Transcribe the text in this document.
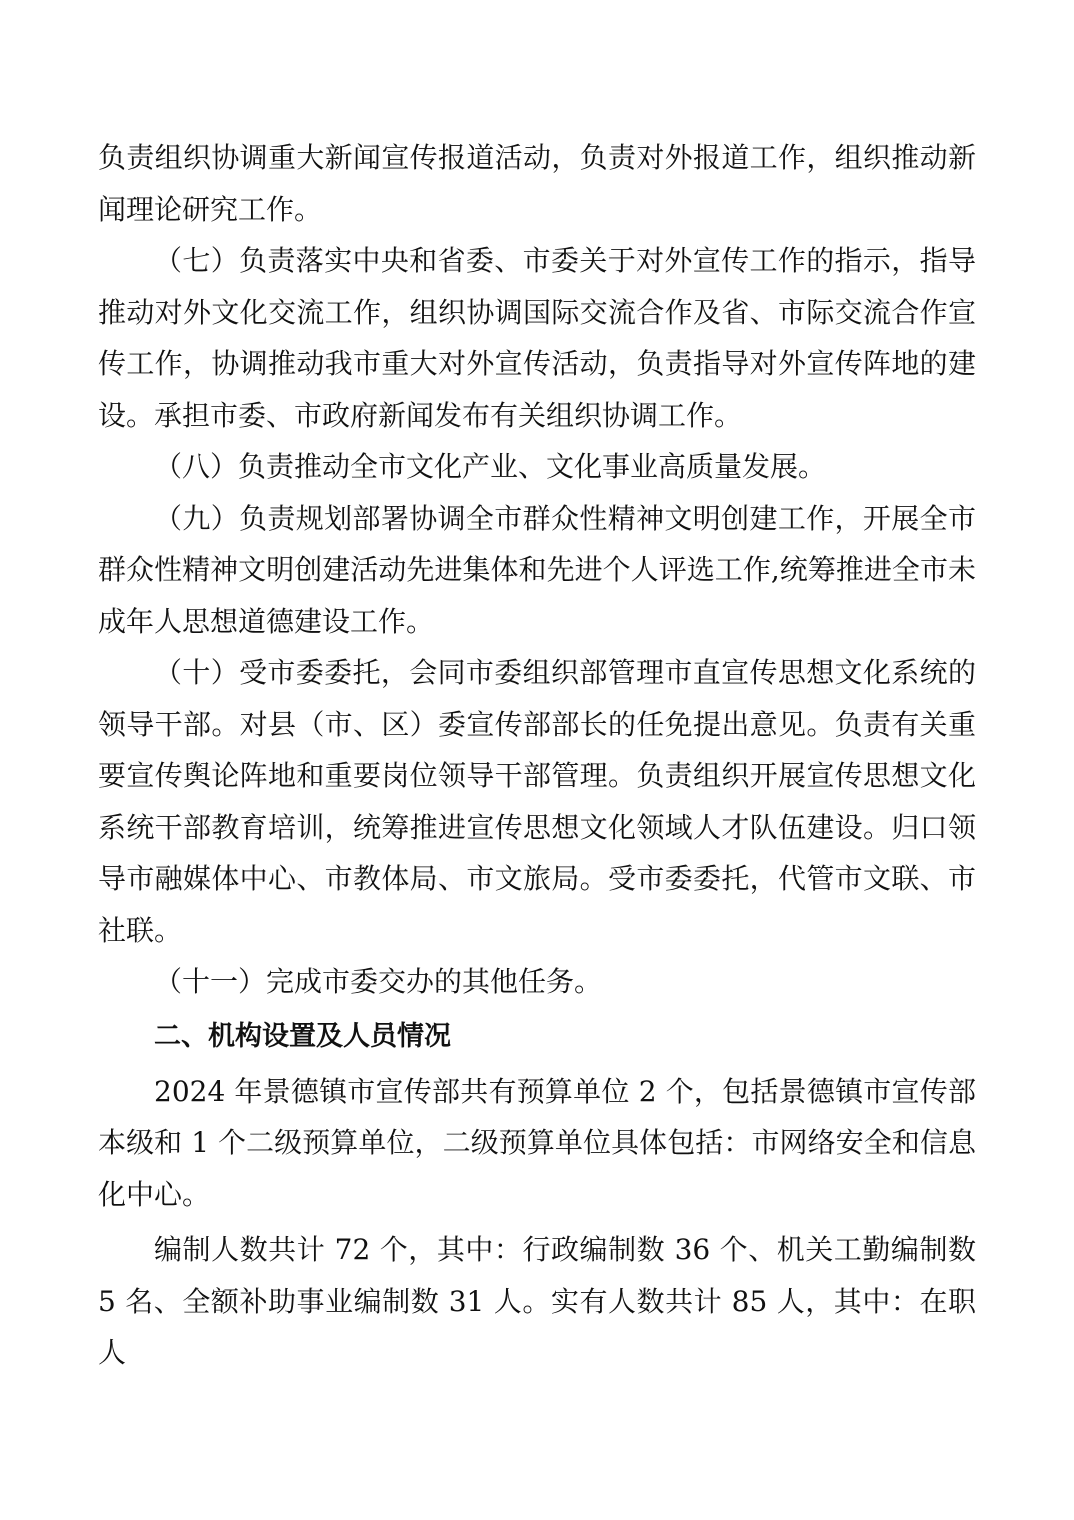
负责组织协调重大新闻宣传报道活动，负责对外报道工作，组织推动新闻理论研究工作。

（七）负责落实中央和省委、市委关于对外宣传工作的指示，指导推动对外文化交流工作，组织协调国际交流合作及省、市际交流合作宣传工作，协调推动我市重大对外宣传活动，负责指导对外宣传阵地的建设。承担市委、市政府新闻发布有关组织协调工作。

（八）负责推动全市文化产业、文化事业高质量发展。

（九）负责规划部署协调全市群众性精神文明创建工作，开展全市群众性精神文明创建活动先进集体和先进个人评选工作,统筹推进全市未成年人思想道德建设工作。

（十）受市委委托，会同市委组织部管理市直宣传思想文化系统的领导干部。对县（市、区）委宣传部部长的任免提出意见。负责有关重要宣传舆论阵地和重要岗位领导干部管理。负责组织开展宣传思想文化系统干部教育培训，统筹推进宣传思想文化领域人才队伍建设。归口领导市融媒体中心、市教体局、市文旅局。受市委委托，代管市文联、市社联。

（十一）完成市委交办的其他任务。

二、机构设置及人员情况

2024 年景德镇市宣传部共有预算单位 2 个，包括景德镇市宣传部本级和 1 个二级预算单位，二级预算单位具体包括：市网络安全和信息化中心。

编制人数共计 72 个，其中：行政编制数 36 个、机关工勤编制数 5 名、全额补助事业编制数 31 人。实有人数共计 85 人，其中：在职人
